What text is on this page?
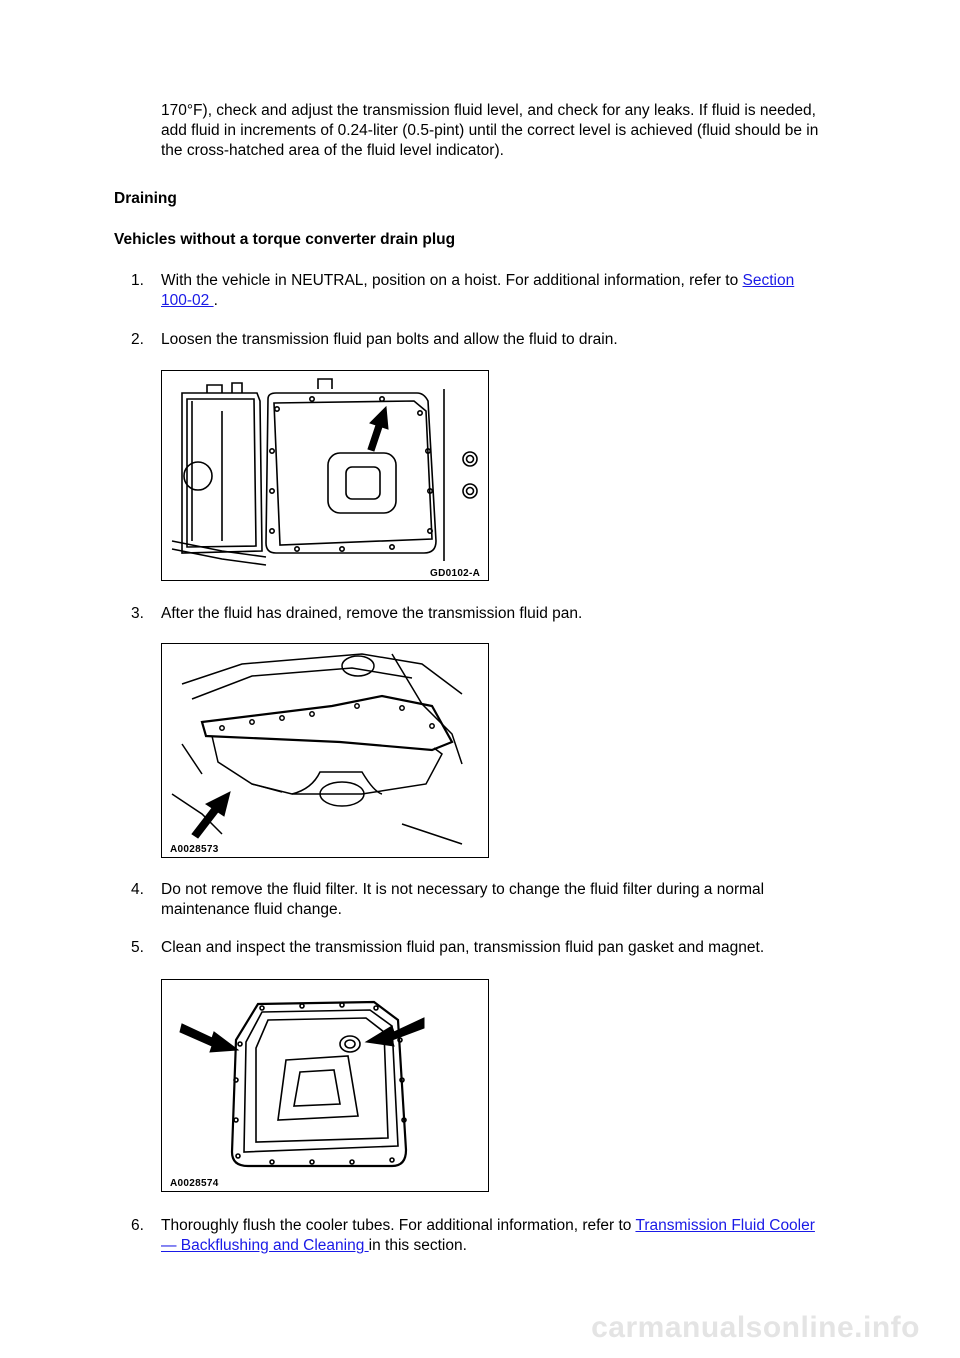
170°F), check and adjust the transmission fluid level, and check for any leaks. If fluid is needed,
add fluid in increments of 0.24-liter (0.5-pint) until the correct level is achieved (fluid should be in
the cross-hatched area of the fluid level indicator).
Draining
Vehicles without a torque converter drain plug
1.	With the vehicle in NEUTRAL, position on a hoist. For additional information, refer to Section
100-02 .
2.	Loosen the transmission fluid pan bolts and allow the fluid to drain.
GD0102-A
3.	After the fluid has drained, remove the transmission fluid pan.
A0028573
4.	Do not remove the fluid filter. It is not necessary to change the fluid filter during a normal
maintenance fluid change.
5.	Clean and inspect the transmission fluid pan, transmission fluid pan gasket and magnet.
A0028574
6.	Thoroughly flush the cooler tubes. For additional information, refer to Transmission Fluid Cooler
— Backflushing and Cleaning in this section.
carmanualsonline.info
